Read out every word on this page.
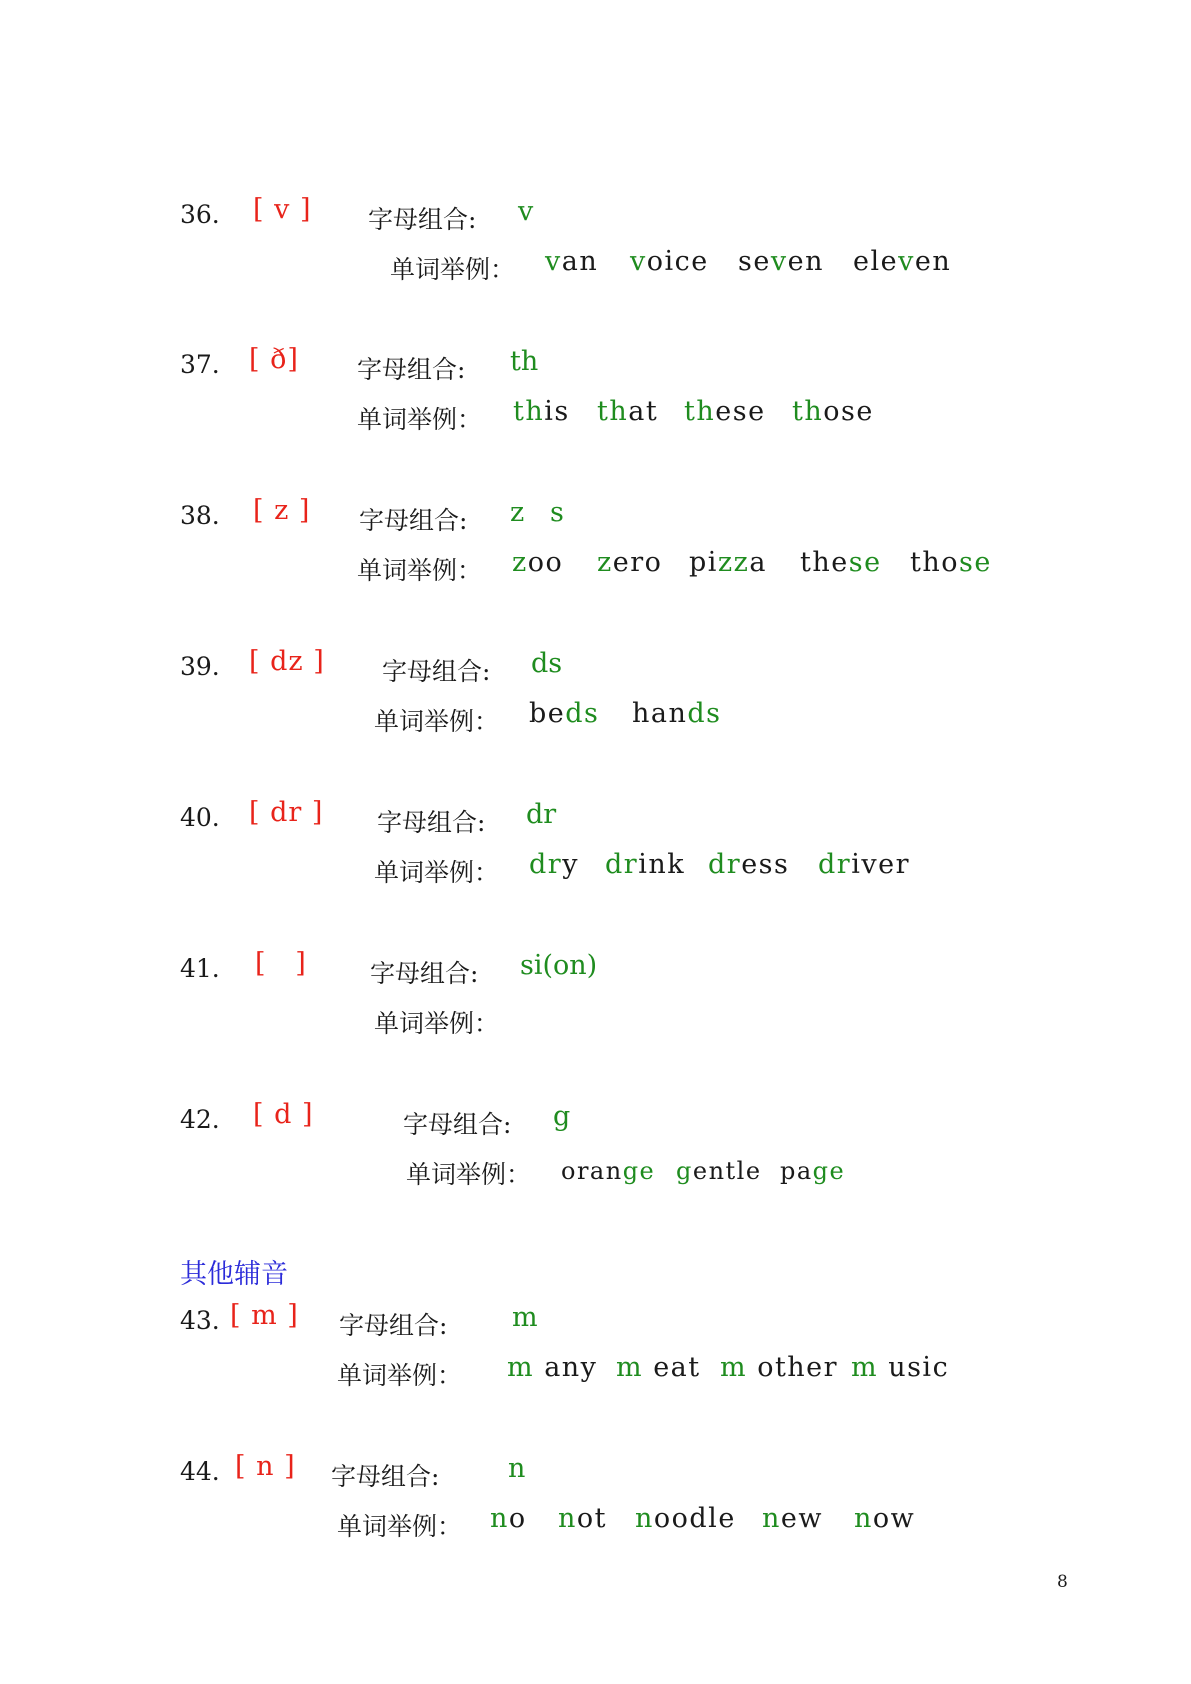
36. [ v ] 字母组合: v
单词举例： van voice seven eleven
37. [ ð] 字母组合: th
单词举例： this that these those
38. [ z ] 字母组合: z   s
单词举例： zoo zero pizza these those
39. [ dz ] 字母组合: ds
单词举例： beds hands
40. [ dr ] 字母组合: dr
单词举例： dry drink dress driver
41. [   ]	字母组合: si(on)
单词举例：
42. [ d ]	字母组合: g
单词举例： orange gentle page
其他辅音
43. [ m ] 字母组合: m
单词举例： m any m eat m other m usic
44. [ n ] 字母组合:	n
单词举例： no not noodle new now
8
